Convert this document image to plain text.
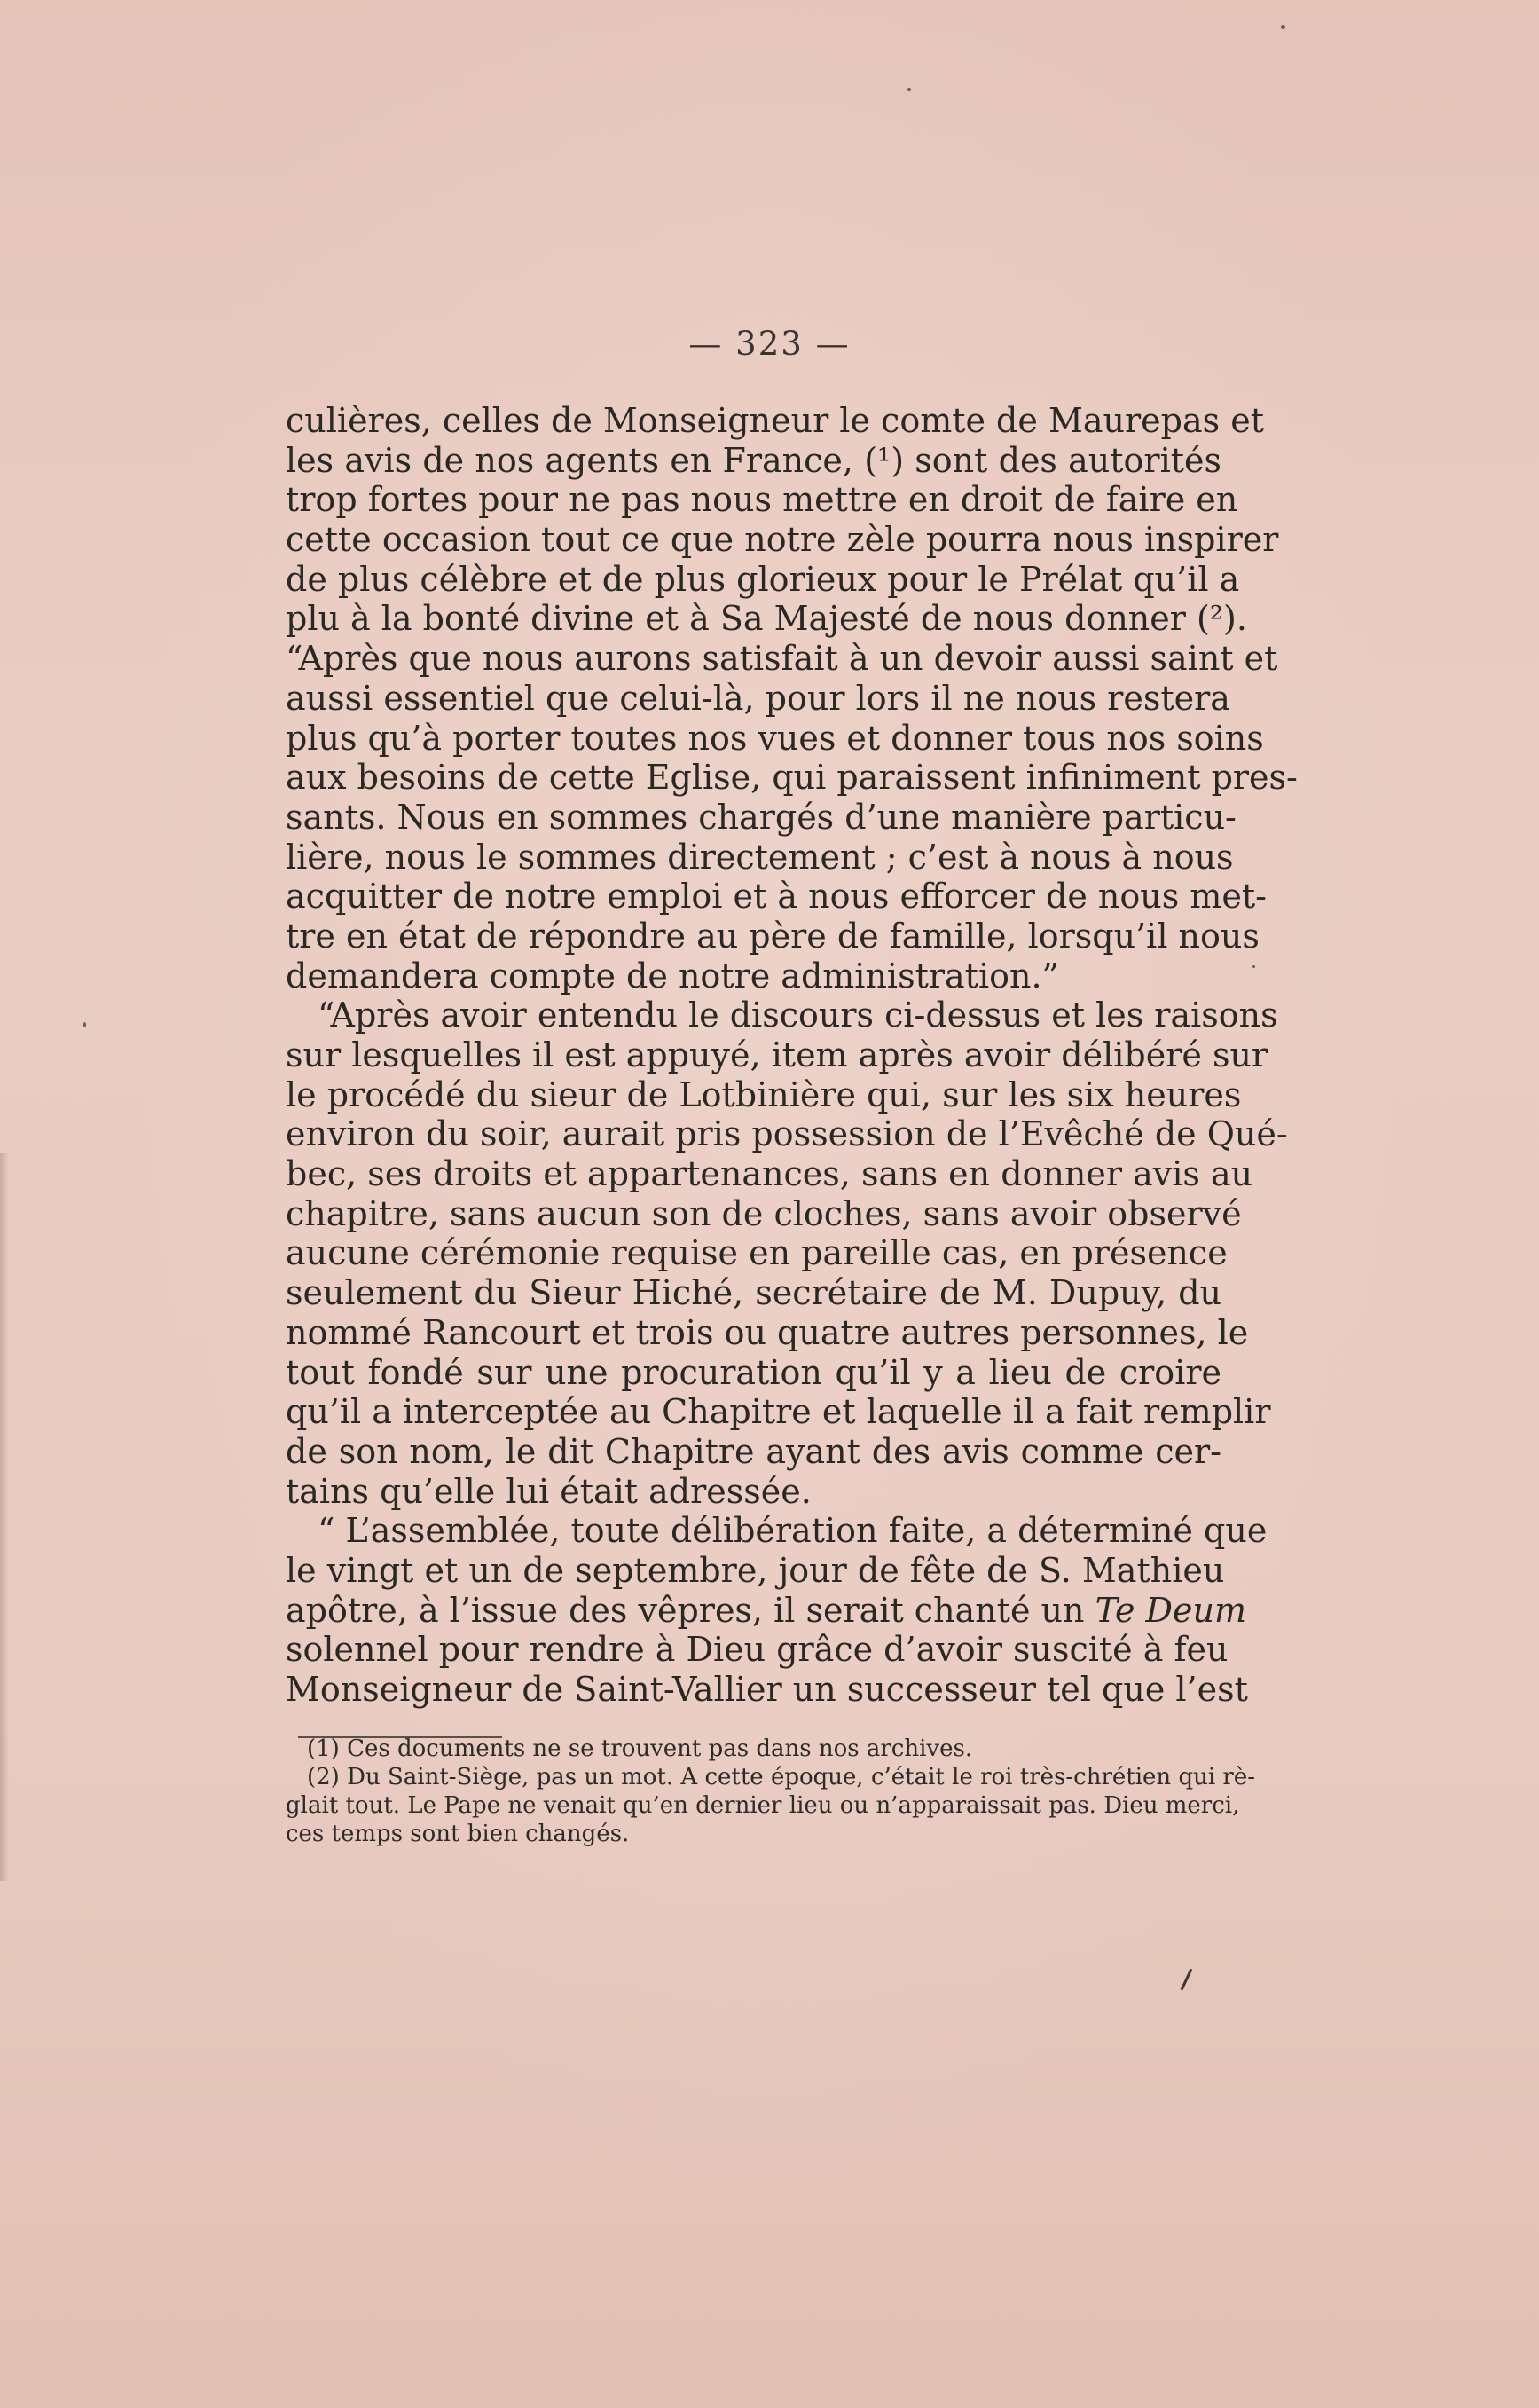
— 323 —
culières, celles de Monseigneur le comte de Maurepas et
les avis de nos agents en France, (¹) sont des autorités
trop fortes pour ne pas nous mettre en droit de faire en
cette occasion tout ce que notre zèle pourra nous inspirer
de plus célèbre et de plus glorieux pour le Prélat qu’il a
plu à la bonté divine et à Sa Majesté de nous donner (²).
“Après que nous aurons satisfait à un devoir aussi saint et
aussi essentiel que celui-là, pour lors il ne nous restera
plus qu’à porter toutes nos vues et donner tous nos soins
aux besoins de cette Eglise, qui paraissent infiniment pres-
sants. Nous en sommes chargés d’une manière particu-
lière, nous le sommes directement ; c’est à nous à nous
acquitter de notre emploi et à nous efforcer de nous met-
tre en état de répondre au père de famille, lorsqu’il nous
demandera compte de notre administration.”
“Après avoir entendu le discours ci-dessus et les raisons
sur lesquelles il est appuyé, item après avoir délibéré sur
le procédé du sieur de Lotbinière qui, sur les six heures
environ du soir, aurait pris possession de l’Evêché de Qué-
bec, ses droits et appartenances, sans en donner avis au
chapitre, sans aucun son de cloches, sans avoir observé
aucune cérémonie requise en pareille cas, en présence
seulement du Sieur Hiché, secrétaire de M. Dupuy, du
nommé Rancourt et trois ou quatre autres personnes, le
tout fondé sur une procuration qu’il y a lieu de croire
qu’il a interceptée au Chapitre et laquelle il a fait remplir
de son nom, le dit Chapitre ayant des avis comme cer-
tains qu’elle lui était adressée.
“ L’assemblée, toute délibération faite, a déterminé que
le vingt et un de septembre, jour de fête de S. Mathieu
apôtre, à l’issue des vêpres, il serait chanté un Te Deum
solennel pour rendre à Dieu grâce d’avoir suscité à feu
Monseigneur de Saint-Vallier un successeur tel que l’est
(1) Ces documents ne se trouvent pas dans nos archives.
(2) Du Saint-Siège, pas un mot. A cette époque, c’était le roi très-chrétien qui rè-
glait tout. Le Pape ne venait qu’en dernier lieu ou n’apparaissait pas. Dieu merci,
ces temps sont bien changés.
